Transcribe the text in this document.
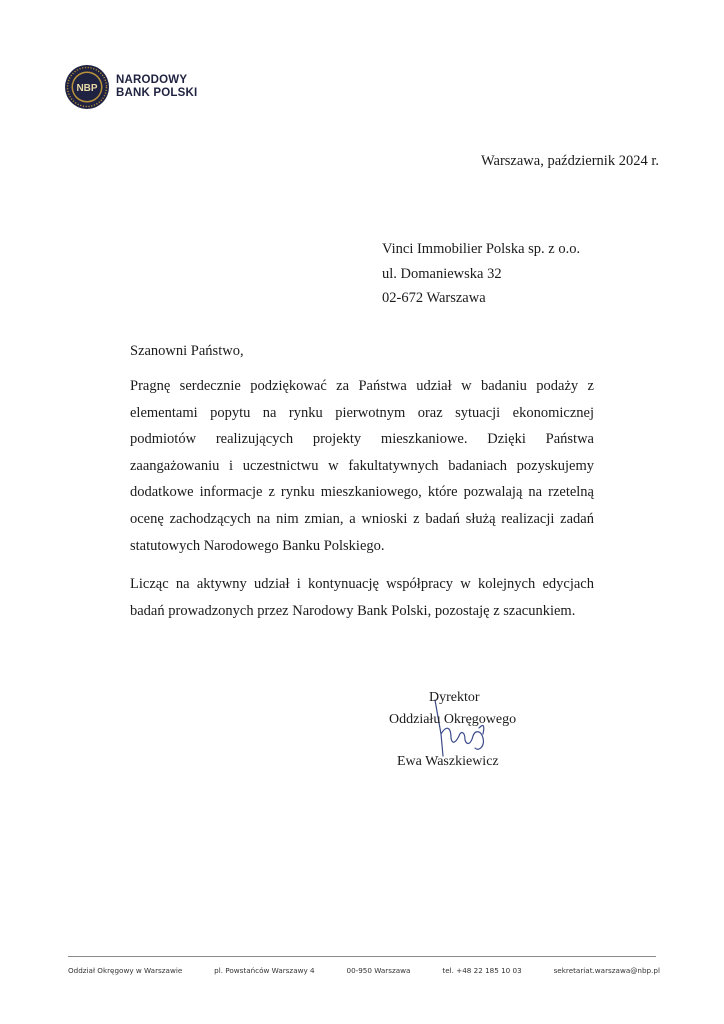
NBP
NARODOWY
BANK POLSKI
Warszawa, październik 2024 r.
Vinci Immobilier Polska sp. z o.o.
ul. Domaniewska 32
02-672 Warszawa
Szanowni Państwo,
Pragnę serdecznie podziękować za Państwa udział w badaniu podaży z elementami popytu na rynku pierwotnym oraz sytuacji ekonomicznej podmiotów realizujących projekty mieszkaniowe. Dzięki Państwa zaangażowaniu i uczestnictwu w fakultatywnych badaniach pozyskujemy dodatkowe informacje z rynku mieszkaniowego, które pozwalają na rzetelną ocenę zachodzących na nim zmian, a wnioski z badań służą realizacji zadań statutowych Narodowego Banku Polskiego.
Licząc na aktywny udział i kontynuację współpracy w kolejnych edycjach badań prowadzonych przez Narodowy Bank Polski, pozostaję z szacunkiem.
Dyrektor
Oddziału Okręgowego
Ewa Waszkiewicz
Oddział Okręgowy w Warszawie	pl. Powstańców Warszawy 4	00-950 Warszawa	tel. +48 22 185 10 03	sekretariat.warszawa@nbp.pl
